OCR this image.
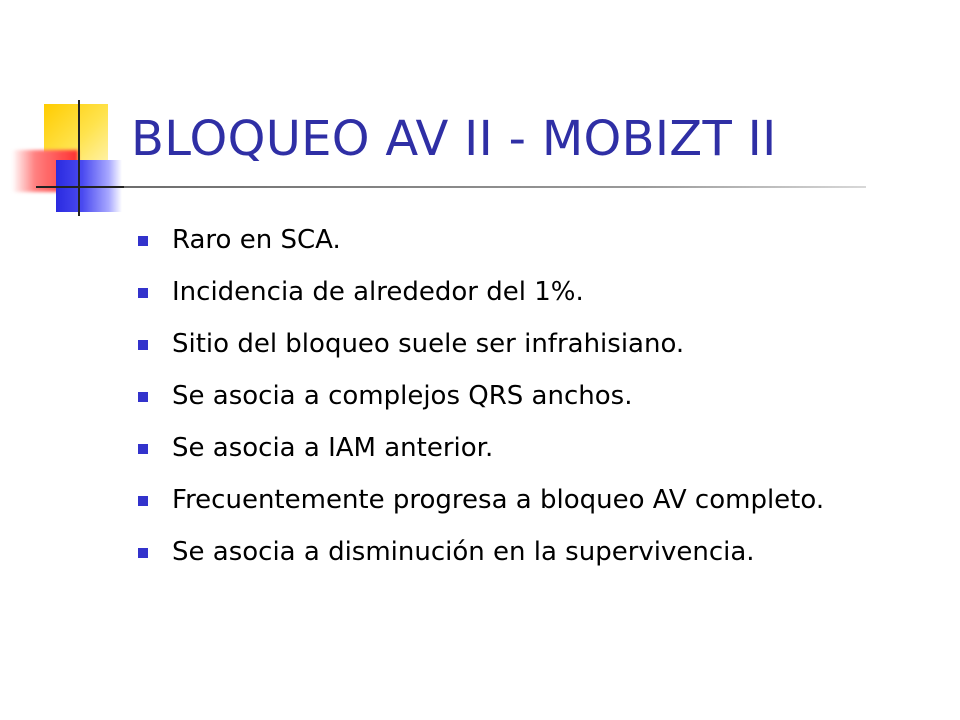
BLOQUEO AV II - MOBIZT II
Raro en SCA.
Incidencia de alrededor del 1%.
Sitio del bloqueo suele ser infrahisiano.
Se asocia a complejos QRS anchos.
Se asocia a IAM anterior.
Frecuentemente progresa a bloqueo AV completo.
Se asocia a disminución en la supervivencia.
